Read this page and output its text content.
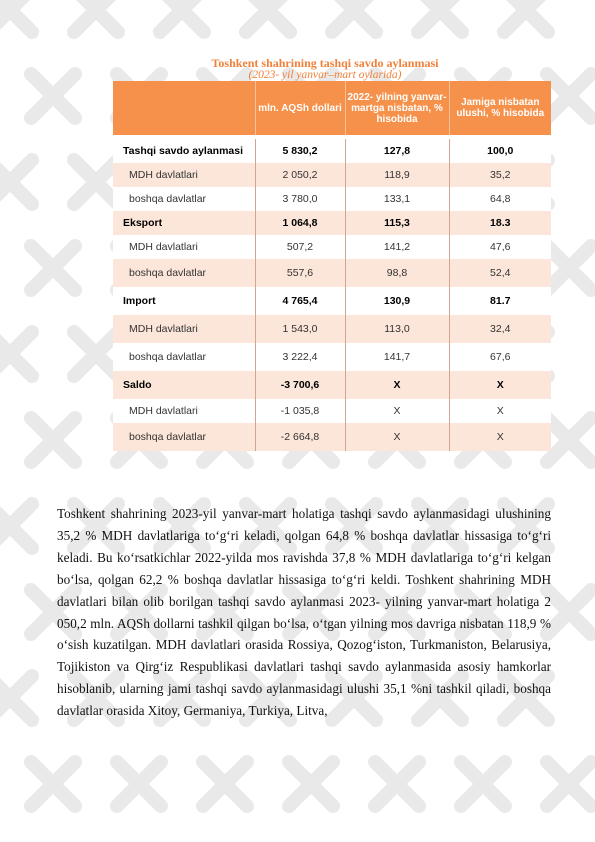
Toshkent shahrining tashqi savdo aylanmasi
(2023- yil yanvar–mart oylarida)
	mln. AQSh dollari	2022- yilning yanvar-martga nisbatan, % hisobida	Jamiga nisbatan ulushi, % hisobida

Tashqi savdo aylanmasi	5 830,2	127,8	100,0
MDH davlatlari	2 050,2	118,9	35,2
boshqa davlatlar	3 780,0	133,1	64,8
Eksport	1 064,8	115,3	18.3
MDH davlatlari	507,2	141,2	47,6
boshqa davlatlar	557,6	98,8	52,4
Import	4 765,4	130,9	81.7
MDH davlatlari	1 543,0	113,0	32,4
boshqa davlatlar	3 222,4	141,7	67,6
Saldo	-3 700,6	X	X
MDH davlatlari	-1 035,8	X	X
boshqa davlatlar	-2 664,8	X	X

Toshkent shahrining 2023-yil yanvar-mart holatiga tashqi savdo aylanmasidagi ulushining 35,2 % MDH davlatlariga to‘g‘ri keladi, qolgan 64,8 % boshqa davlatlar hissasiga to‘g‘ri keladi. Bu ko‘rsatkichlar 2022-yilda mos ravishda 37,8 % MDH davlatlariga to‘g‘ri kelgan bo‘lsa, qolgan 62,2 % boshqa davlatlar hissasiga to‘g‘ri keldi. Toshkent shahrining MDH davlatlari bilan olib borilgan tashqi savdo aylanmasi 2023- yilning yanvar-mart holatiga 2 050,2 mln. AQSh dollarni tashkil qilgan bo‘lsa, o‘tgan yilning mos davriga nisbatan 118,9 % o‘sish kuzatilgan. MDH davlatlari orasida Rossiya, Qozog‘iston, Turkmaniston, Belarusiya, Tojikiston va Qirg‘iz Respublikasi davlatlari tashqi savdo aylanmasida asosiy hamkorlar hisoblanib, ularning jami tashqi savdo aylanmasidagi ulushi 35,1 %ni tashkil qiladi, boshqa davlatlar orasida Xitoy, Germaniya, Turkiya, Litva,
